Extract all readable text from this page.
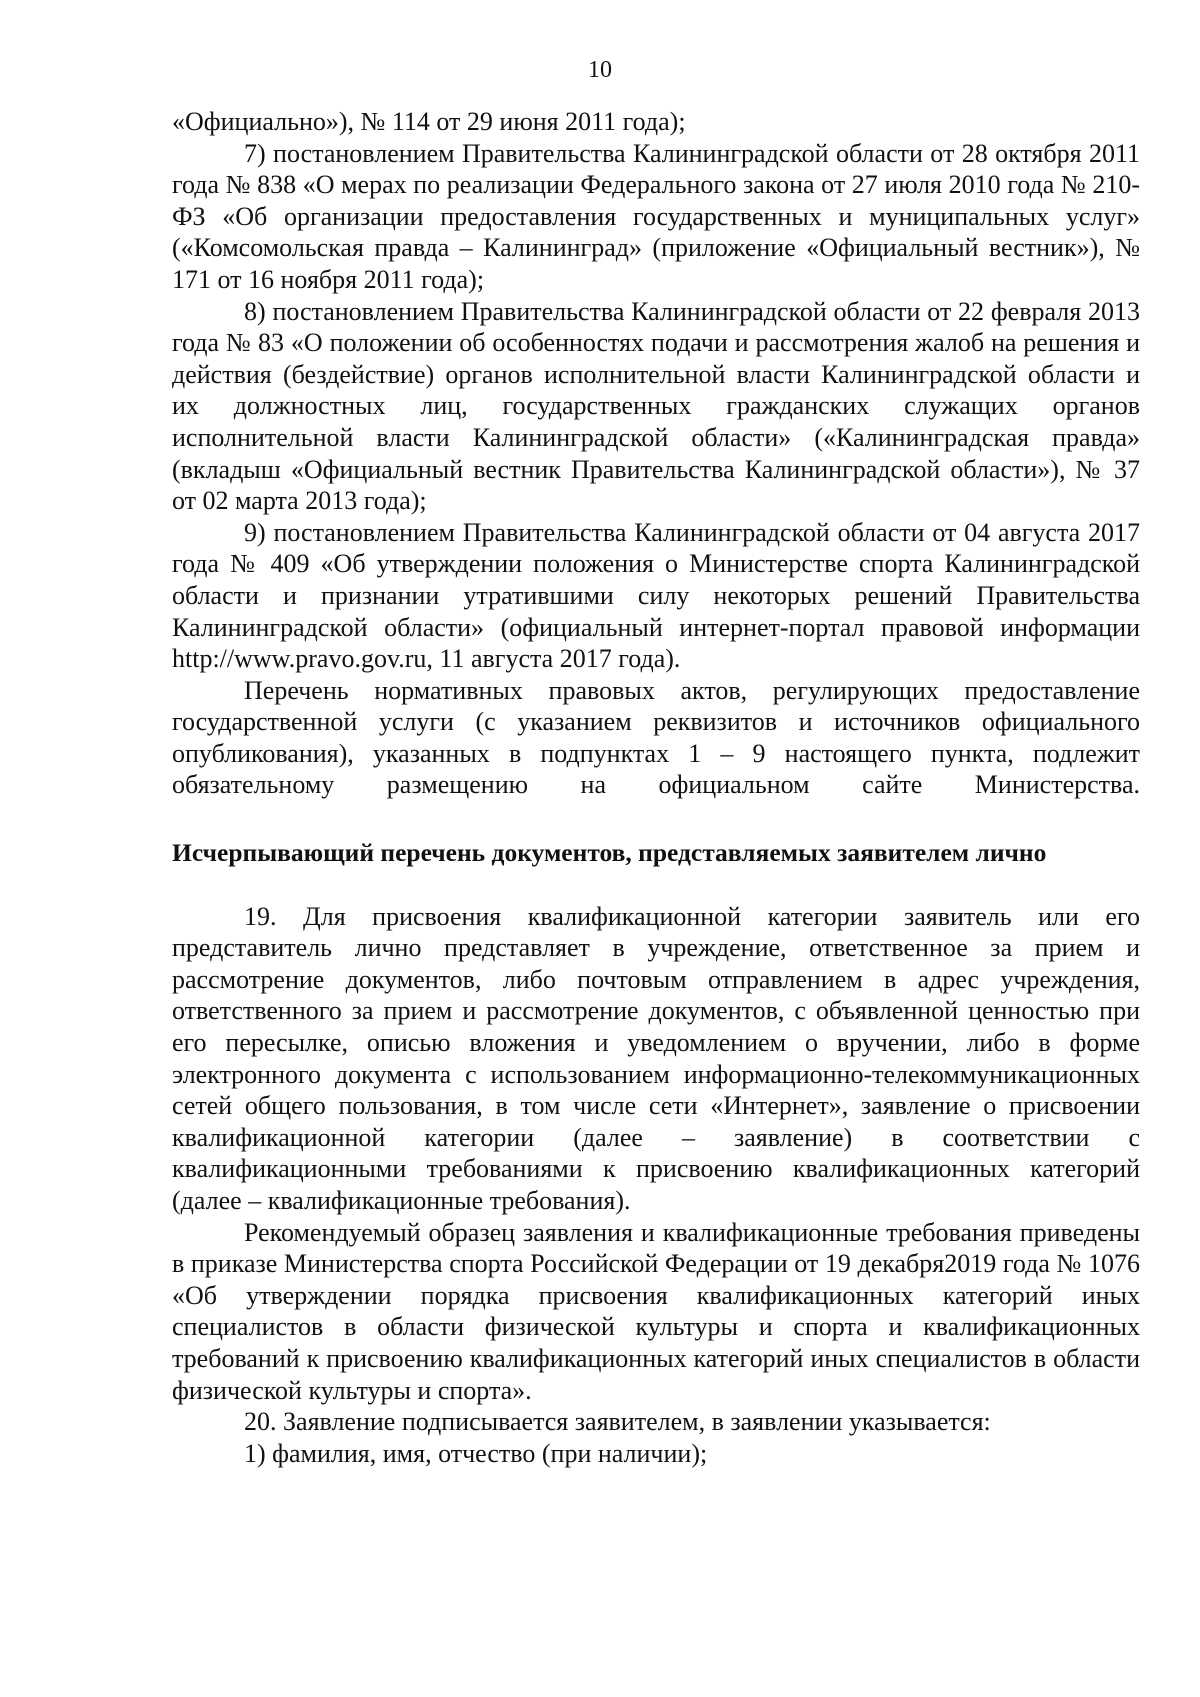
10

«Официально»), № 114 от 29 июня 2011 года);

7) постановлением Правительства Калининградской области от 28 октября 2011 года № 838 «О мерах по реализации Федерального закона от 27 июля 2010 года № 210-ФЗ «Об организации предоставления государственных и муниципальных услуг» («Комсомольская правда – Калининград» (приложение «Официальный вестник»), № 171 от 16 ноября 2011 года);

8) постановлением Правительства Калининградской области от 22 февраля 2013 года № 83 «О положении об особенностях подачи и рассмотрения жалоб на решения и действия (бездействие) органов исполнительной власти Калининградской области и их должностных лиц, государственных гражданских служащих органов исполнительной власти Калининградской области» («Калининградская правда» (вкладыш «Официальный вестник Правительства Калининградской области»), № 37 от 02 марта 2013 года);

9) постановлением Правительства Калининградской области от 04 августа 2017 года № 409 «Об утверждении положения о Министерстве спорта Калининградской области и признании утратившими силу некоторых решений Правительства Калининградской области» (официальный интернет-портал правовой информации http://www.pravo.gov.ru, 11 августа 2017 года).

Перечень нормативных правовых актов, регулирующих предоставление государственной услуги (с указанием реквизитов и источников официального опубликования), указанных в подпунктах 1 – 9 настоящего пункта, подлежит обязательному размещению на официальном сайте Министерства.

Исчерпывающий перечень документов, представляемых заявителем лично

19. Для присвоения квалификационной категории заявитель или его представитель лично представляет в учреждение, ответственное за прием и рассмотрение документов, либо почтовым отправлением в адрес учреждения, ответственного за прием и рассмотрение документов, с объявленной ценностью при его пересылке, описью вложения и уведомлением о вручении, либо в форме электронного документа с использованием информационно-телекоммуникационных сетей общего пользования, в том числе сети «Интернет», заявление о присвоении квалификационной категории (далее – заявление) в соответствии с квалификационными требованиями к присвоению квалификационных категорий (далее – квалификационные требования).

Рекомендуемый образец заявления и квалификационные требования приведены в приказе Министерства спорта Российской Федерации от 19 декабря2019 года № 1076 «Об утверждении порядка присвоения квалификационных категорий иных специалистов в области физической культуры и спорта и квалификационных требований к присвоению квалификационных категорий иных специалистов в области физической культуры и спорта».

20. Заявление подписывается заявителем, в заявлении указывается:

1) фамилия, имя, отчество (при наличии);
